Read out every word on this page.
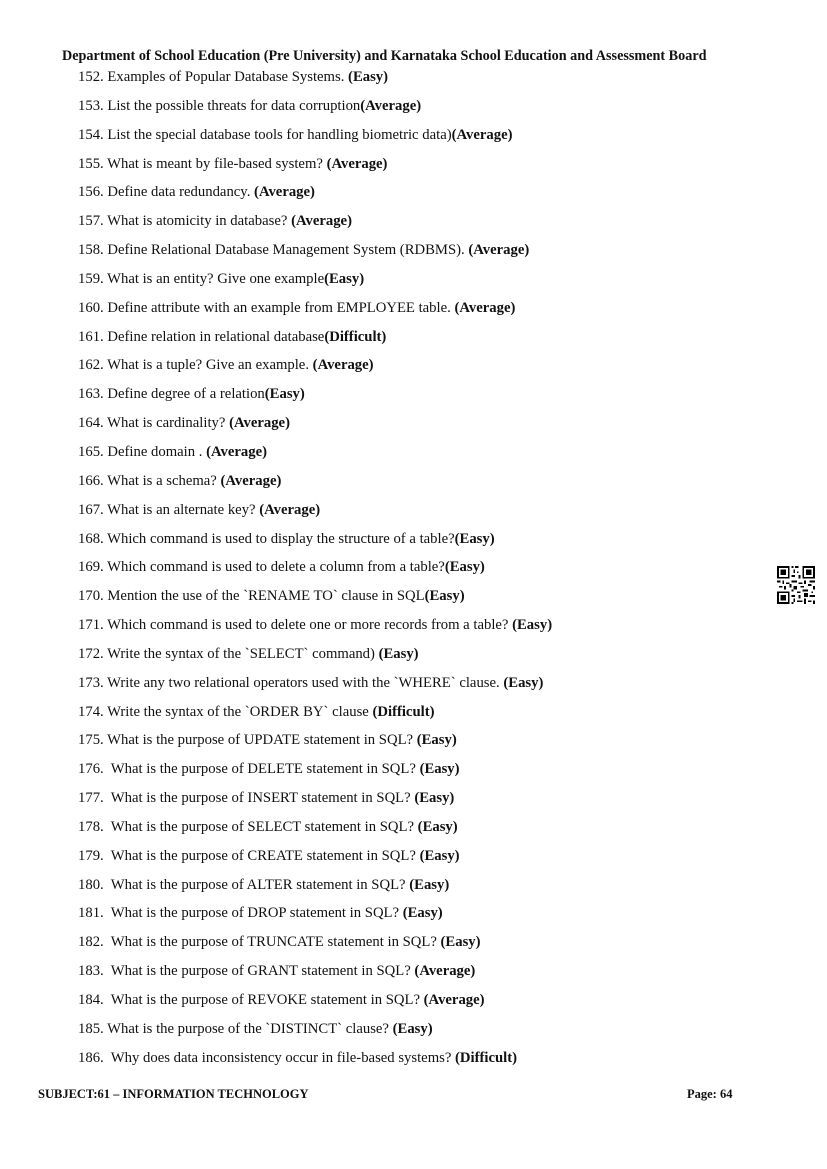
Department of School Education (Pre University) and Karnataka School Education and Assessment Board
152. Examples of Popular Database Systems. (Easy)
153. List the possible threats for data corruption(Average)
154. List the special database tools for handling biometric data)(Average)
155. What is meant by file-based system? (Average)
156. Define data redundancy. (Average)
157. What is atomicity in database? (Average)
158. Define Relational Database Management System (RDBMS). (Average)
159. What is an entity? Give one example(Easy)
160. Define attribute with an example from EMPLOYEE table. (Average)
161. Define relation in relational database(Difficult)
162. What is a tuple? Give an example. (Average)
163. Define degree of a relation(Easy)
164. What is cardinality? (Average)
165. Define domain . (Average)
166. What is a schema? (Average)
167. What is an alternate key? (Average)
168. Which command is used to display the structure of a table?(Easy)
169. Which command is used to delete a column from a table?(Easy)
170. Mention the use of the `RENAME TO` clause in SQL(Easy)
171. Which command is used to delete one or more records from a table? (Easy)
172. Write the syntax of the `SELECT` command) (Easy)
173. Write any two relational operators used with the `WHERE` clause. (Easy)
174. Write the syntax of the `ORDER BY` clause (Difficult)
175. What is the purpose of UPDATE statement in SQL? (Easy)
176.  What is the purpose of DELETE statement in SQL? (Easy)
177.  What is the purpose of INSERT statement in SQL? (Easy)
178.  What is the purpose of SELECT statement in SQL? (Easy)
179.  What is the purpose of CREATE statement in SQL? (Easy)
180.  What is the purpose of ALTER statement in SQL? (Easy)
181.  What is the purpose of DROP statement in SQL? (Easy)
182.  What is the purpose of TRUNCATE statement in SQL? (Easy)
183.  What is the purpose of GRANT statement in SQL? (Average)
184.  What is the purpose of REVOKE statement in SQL? (Average)
185. What is the purpose of the `DISTINCT` clause? (Easy)
186.  Why does data inconsistency occur in file-based systems? (Difficult)
SUBJECT:61 – INFORMATION TECHNOLOGY	Page: 64
